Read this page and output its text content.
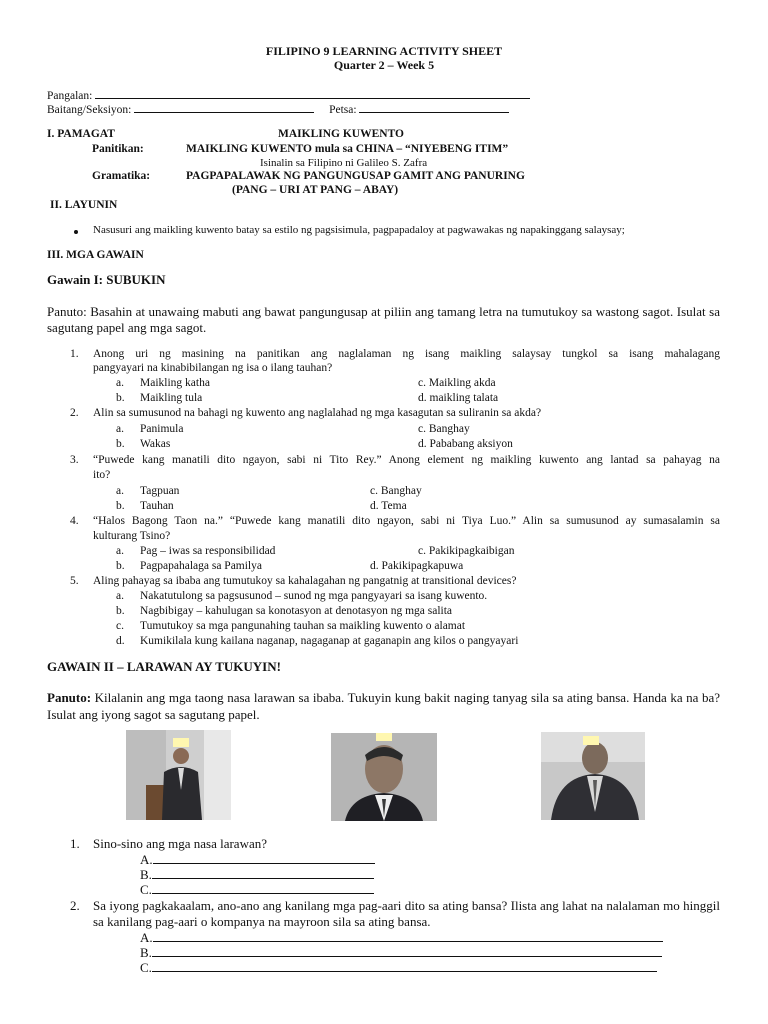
FILIPINO 9 LEARNING ACTIVITY SHEET
Quarter 2 – Week 5
Pangalan:
Baitang/Seksiyon:	Petsa:
I. PAMAGAT	MAIKLING KUWENTO
Panitikan:	MAIKLING KUWENTO mula sa CHINA – “NIYEBENG ITIM”
Isinalin sa Filipino ni Galileo S. Zafra
Gramatika:	PAGPAPALAWAK NG PANGUNGUSAP GAMIT ANG PANURING
(PANG – URI AT PANG – ABAY)
II. LAYUNIN
Nasusuri ang maikling kuwento batay sa estilo ng pagsisimula, pagpapadaloy at pagwawakas ng napakinggang salaysay;
III. MGA GAWAIN
Gawain I: SUBUKIN
Panuto: Basahin at unawaing mabuti ang bawat pangungusap at piliin ang tamang letra na tumutukoy sa wastong sagot. Isulat sa sagutang papel ang mga sagot.
1. Anong uri ng masining na panitikan ang naglalaman ng isang maikling salaysay tungkol sa isang mahalagang
pangyayari na kinabibilangan ng isa o ilang tauhan?
a. Maikling katha	c. Maikling akda
b. Maikling tula	d. maikling talata
2. Alin sa sumusunod na bahagi ng kuwento ang naglalahad ng mga kasagutan sa suliranin sa akda?
a. Panimula	c. Banghay
b. Wakas	d. Pababang aksiyon
3. “Puwede kang manatili dito ngayon, sabi ni Tito Rey.” Anong element ng maikling kuwento ang lantad sa pahayag na
ito?
a. Tagpuan	c. Banghay
b. Tauhan	d. Tema
4. “Halos Bagong Taon na.” “Puwede kang manatili dito ngayon, sabi ni Tiya Luo.” Alin sa sumusunod ay sumasalamin sa
kulturang Tsino?
a. Pag – iwas sa responsibilidad	c. Pakikipagkaibigan
b. Pagpapahalaga sa Pamilya	d. Pakikipagkapuwa
5. Aling pahayag sa ibaba ang tumutukoy sa kahalagahan ng pangatnig at transitional devices?
a. Nakatutulong sa pagsusunod – sunod ng mga pangyayari sa isang kuwento.
b. Nagbibigay – kahulugan sa konotasyon at denotasyon ng mga salita
c. Tumutukoy sa mga pangunahing tauhan sa maikling kuwento o alamat
d. Kumikilala kung kailana naganap, nagaganap at gaganapin ang kilos o pangyayari
GAWAIN II – LARAWAN AY TUKUYIN!
Panuto: Kilalanin ang mga taong nasa larawan sa ibaba. Tukuyin kung bakit naging tanyag sila sa ating bansa. Handa ka na ba? Isulat ang iyong sagot sa sagutang papel.
1. Sino-sino ang mga nasa larawan?
A.
B.
C.
2. Sa iyong pagkakaalam, ano-ano ang kanilang mga pag-aari dito sa ating bansa? Ilista ang lahat na nalalaman mo hinggil sa kanilang pag-aari o kompanya na mayroon sila sa ating bansa.
A.
B.
C.
